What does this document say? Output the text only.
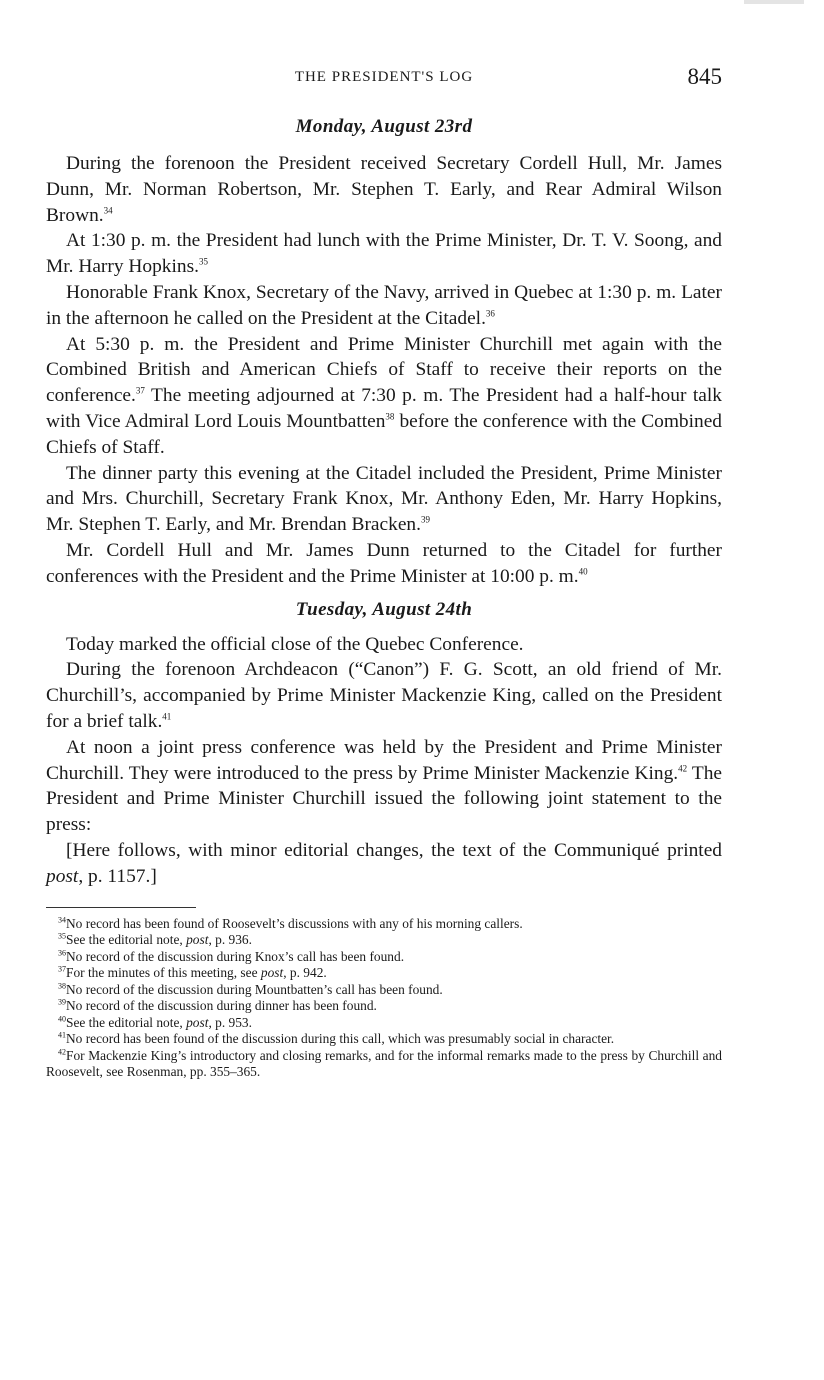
THE PRESIDENT'S LOG	845
Monday, August 23rd

During the forenoon the President received Secretary Cordell Hull, Mr. James Dunn, Mr. Norman Robertson, Mr. Stephen T. Early, and Rear Admiral Wilson Brown.$^{34}$

At 1:30 p. m. the President had lunch with the Prime Minister, Dr. T. V. Soong, and Mr. Harry Hopkins.$^{35}$

Honorable Frank Knox, Secretary of the Navy, arrived in Quebec at 1:30 p. m. Later in the afternoon he called on the President at the Citadel.$^{36}$

At 5:30 p. m. the President and Prime Minister Churchill met again with the Combined British and American Chiefs of Staff to receive their reports on the conference.$^{37}$ The meeting adjourned at 7:30 p. m. The President had a half-hour talk with Vice Admiral Lord Louis Mountbatten$^{38}$ before the conference with the Combined Chiefs of Staff.

The dinner party this evening at the Citadel included the President, Prime Minister and Mrs. Churchill, Secretary Frank Knox, Mr. Anthony Eden, Mr. Harry Hopkins, Mr. Stephen T. Early, and Mr. Brendan Bracken.$^{39}$

Mr. Cordell Hull and Mr. James Dunn returned to the Citadel for further conferences with the President and the Prime Minister at 10:00 p. m.$^{40}$

Tuesday, August 24th

Today marked the official close of the Quebec Conference.

During the forenoon Archdeacon (“Canon”) F. G. Scott, an old friend of Mr. Churchill’s, accompanied by Prime Minister Mackenzie King, called on the President for a brief talk.$^{41}$

At noon a joint press conference was held by the President and Prime Minister Churchill. They were introduced to the press by Prime Minister Mackenzie King.$^{42}$ The President and Prime Minister Churchill issued the following joint statement to the press:

[Here follows, with minor editorial changes, the text of the Communiqué printed post, p. 1157.]

$^{34}$No record has been found of Roosevelt’s discussions with any of his morning callers.

$^{35}$See the editorial note, post, p. 936.

$^{36}$No record of the discussion during Knox’s call has been found.

$^{37}$For the minutes of this meeting, see post, p. 942.

$^{38}$No record of the discussion during Mountbatten’s call has been found.

$^{39}$No record of the discussion during dinner has been found.

$^{40}$See the editorial note, post, p. 953.

$^{41}$No record has been found of the discussion during this call, which was presumably social in character.

$^{42}$For Mackenzie King’s introductory and closing remarks, and for the informal remarks made to the press by Churchill and Roosevelt, see Rosenman, pp. 355–365.
